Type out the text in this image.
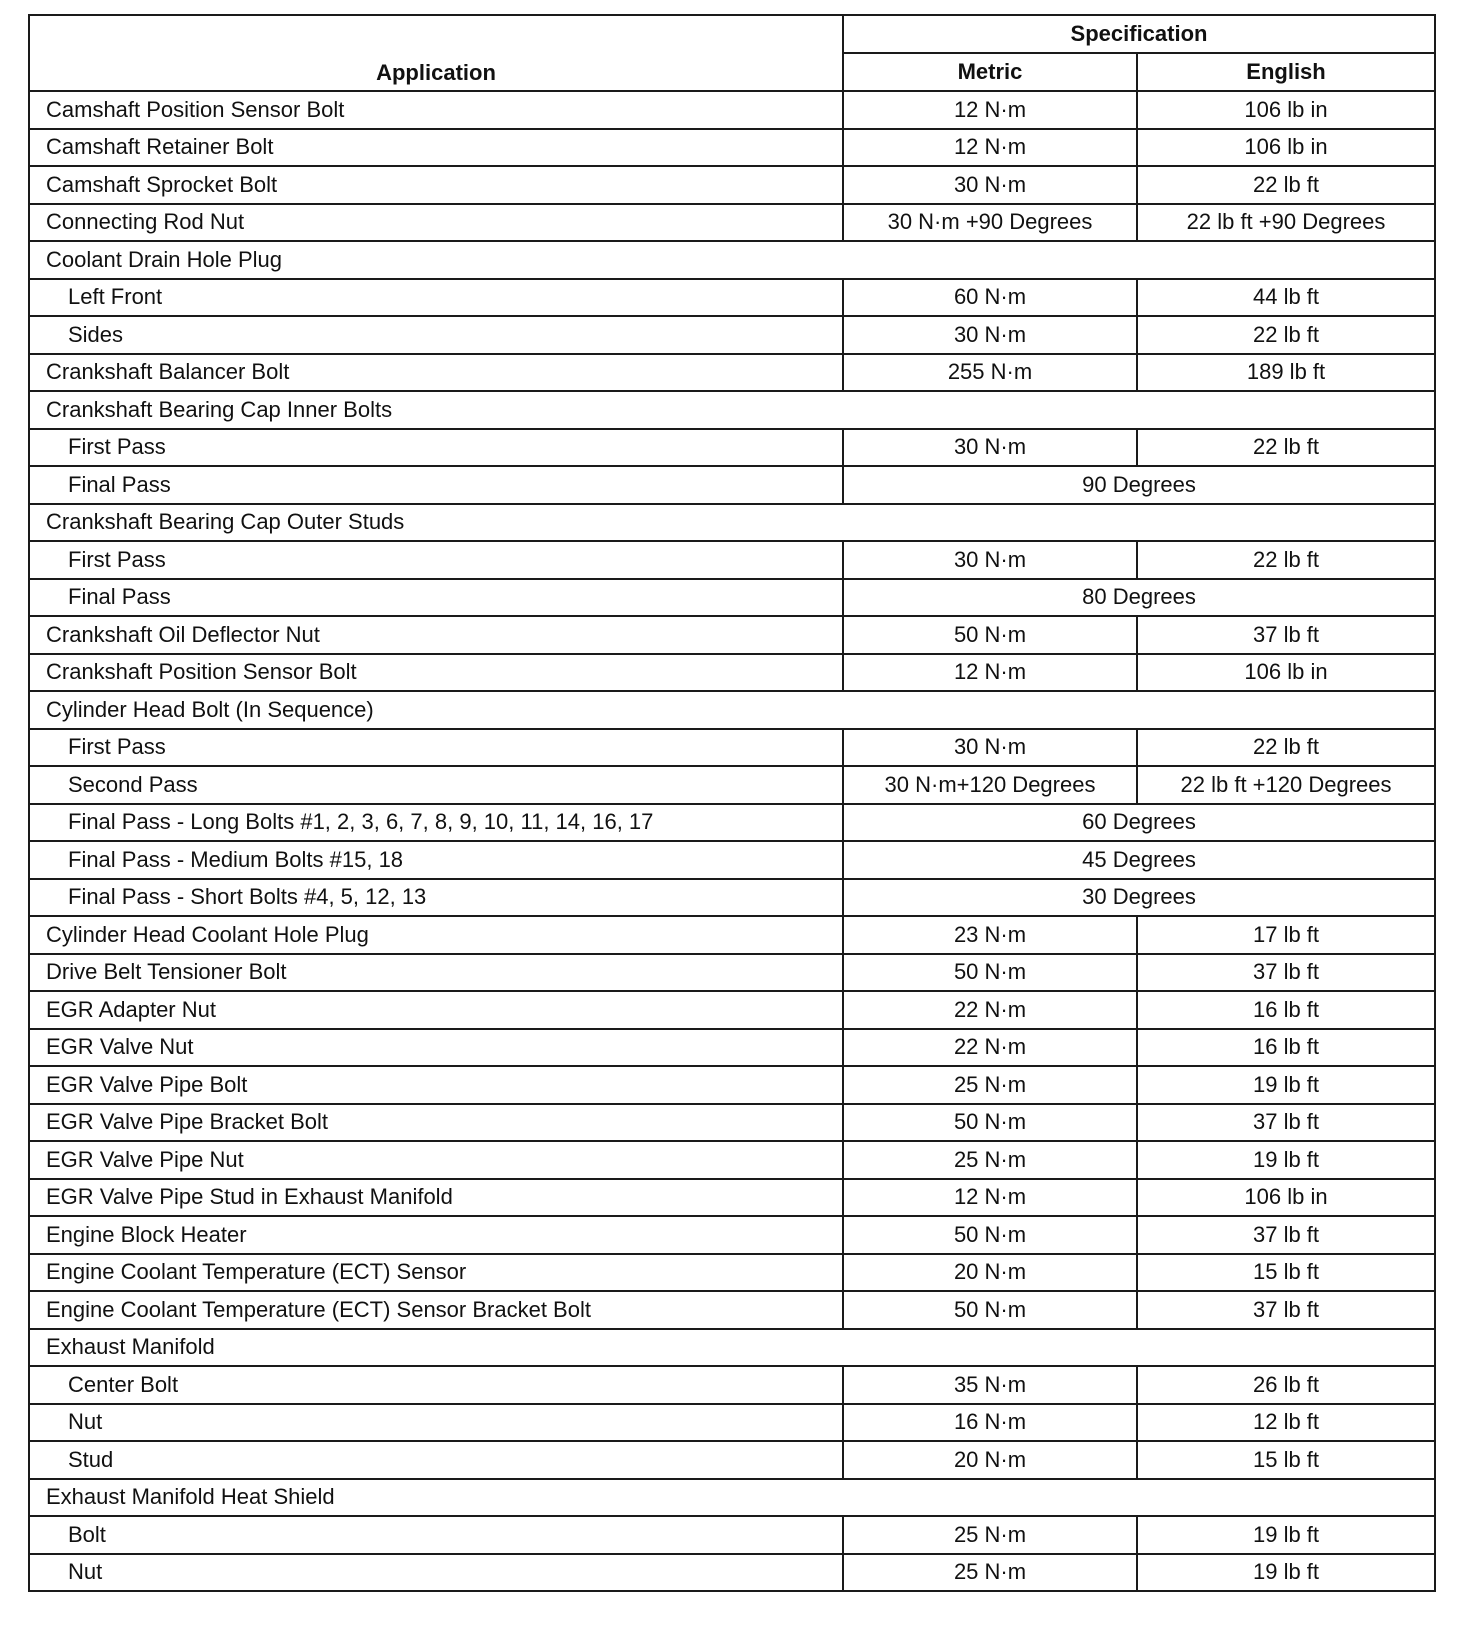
Application	Specification	
	Metric	English
Camshaft Position Sensor Bolt	12 N·m	106 lb in
Camshaft Retainer Bolt	12 N·m	106 lb in
Camshaft Sprocket Bolt	30 N·m	22 lb ft
Connecting Rod Nut	30 N·m +90 Degrees	22 lb ft +90 Degrees
Coolant Drain Hole Plug		
Left Front	60 N·m	44 lb ft
Sides	30 N·m	22 lb ft
Crankshaft Balancer Bolt	255 N·m	189 lb ft
Crankshaft Bearing Cap Inner Bolts		
First Pass	30 N·m	22 lb ft
Final Pass	90 Degrees	
Crankshaft Bearing Cap Outer Studs		
First Pass	30 N·m	22 lb ft
Final Pass	80 Degrees	
Crankshaft Oil Deflector Nut	50 N·m	37 lb ft
Crankshaft Position Sensor Bolt	12 N·m	106 lb in
Cylinder Head Bolt (In Sequence)		
First Pass	30 N·m	22 lb ft
Second Pass	30 N·m+120 Degrees	22 lb ft +120 Degrees
Final Pass - Long Bolts #1, 2, 3, 6, 7, 8, 9, 10, 11, 14, 16, 17	60 Degrees	
Final Pass - Medium Bolts #15, 18	45 Degrees	
Final Pass - Short Bolts #4, 5, 12, 13	30 Degrees	
Cylinder Head Coolant Hole Plug	23 N·m	17 lb ft
Drive Belt Tensioner Bolt	50 N·m	37 lb ft
EGR Adapter Nut	22 N·m	16 lb ft
EGR Valve Nut	22 N·m	16 lb ft
EGR Valve Pipe Bolt	25 N·m	19 lb ft
EGR Valve Pipe Bracket Bolt	50 N·m	37 lb ft
EGR Valve Pipe Nut	25 N·m	19 lb ft
EGR Valve Pipe Stud in Exhaust Manifold	12 N·m	106 lb in
Engine Block Heater	50 N·m	37 lb ft
Engine Coolant Temperature (ECT) Sensor	20 N·m	15 lb ft
Engine Coolant Temperature (ECT) Sensor Bracket Bolt	50 N·m	37 lb ft
Exhaust Manifold		
Center Bolt	35 N·m	26 lb ft
Nut	16 N·m	12 lb ft
Stud	20 N·m	15 lb ft
Exhaust Manifold Heat Shield		
Bolt	25 N·m	19 lb ft
Nut	25 N·m	19 lb ft
